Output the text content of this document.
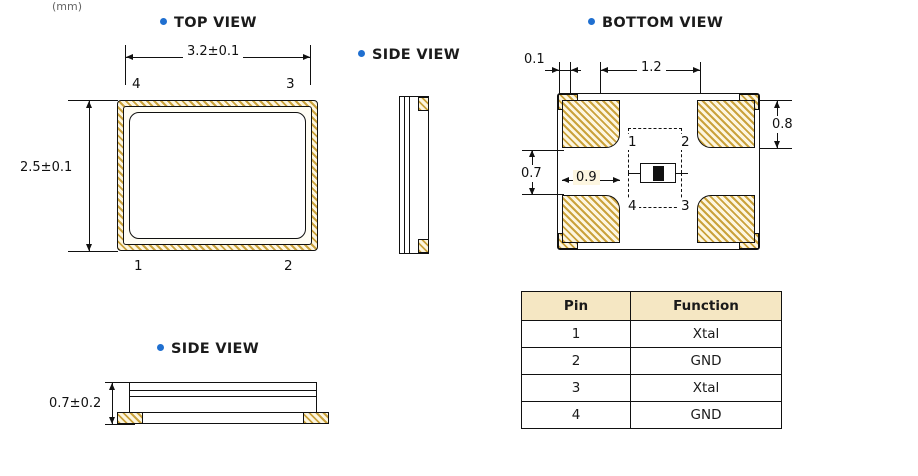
(mm)
TOP VIEW
3.2±0.1
2.5±0.1
4	3
1	2
SIDE VIEW
BOTTOM VIEW
0.1
1.2
1	2
4	3
0.8
0.7	0.9
SIDE VIEW
0.7±0.2
Pin	Function
1	Xtal
2	GND
3	Xtal
4	GND
